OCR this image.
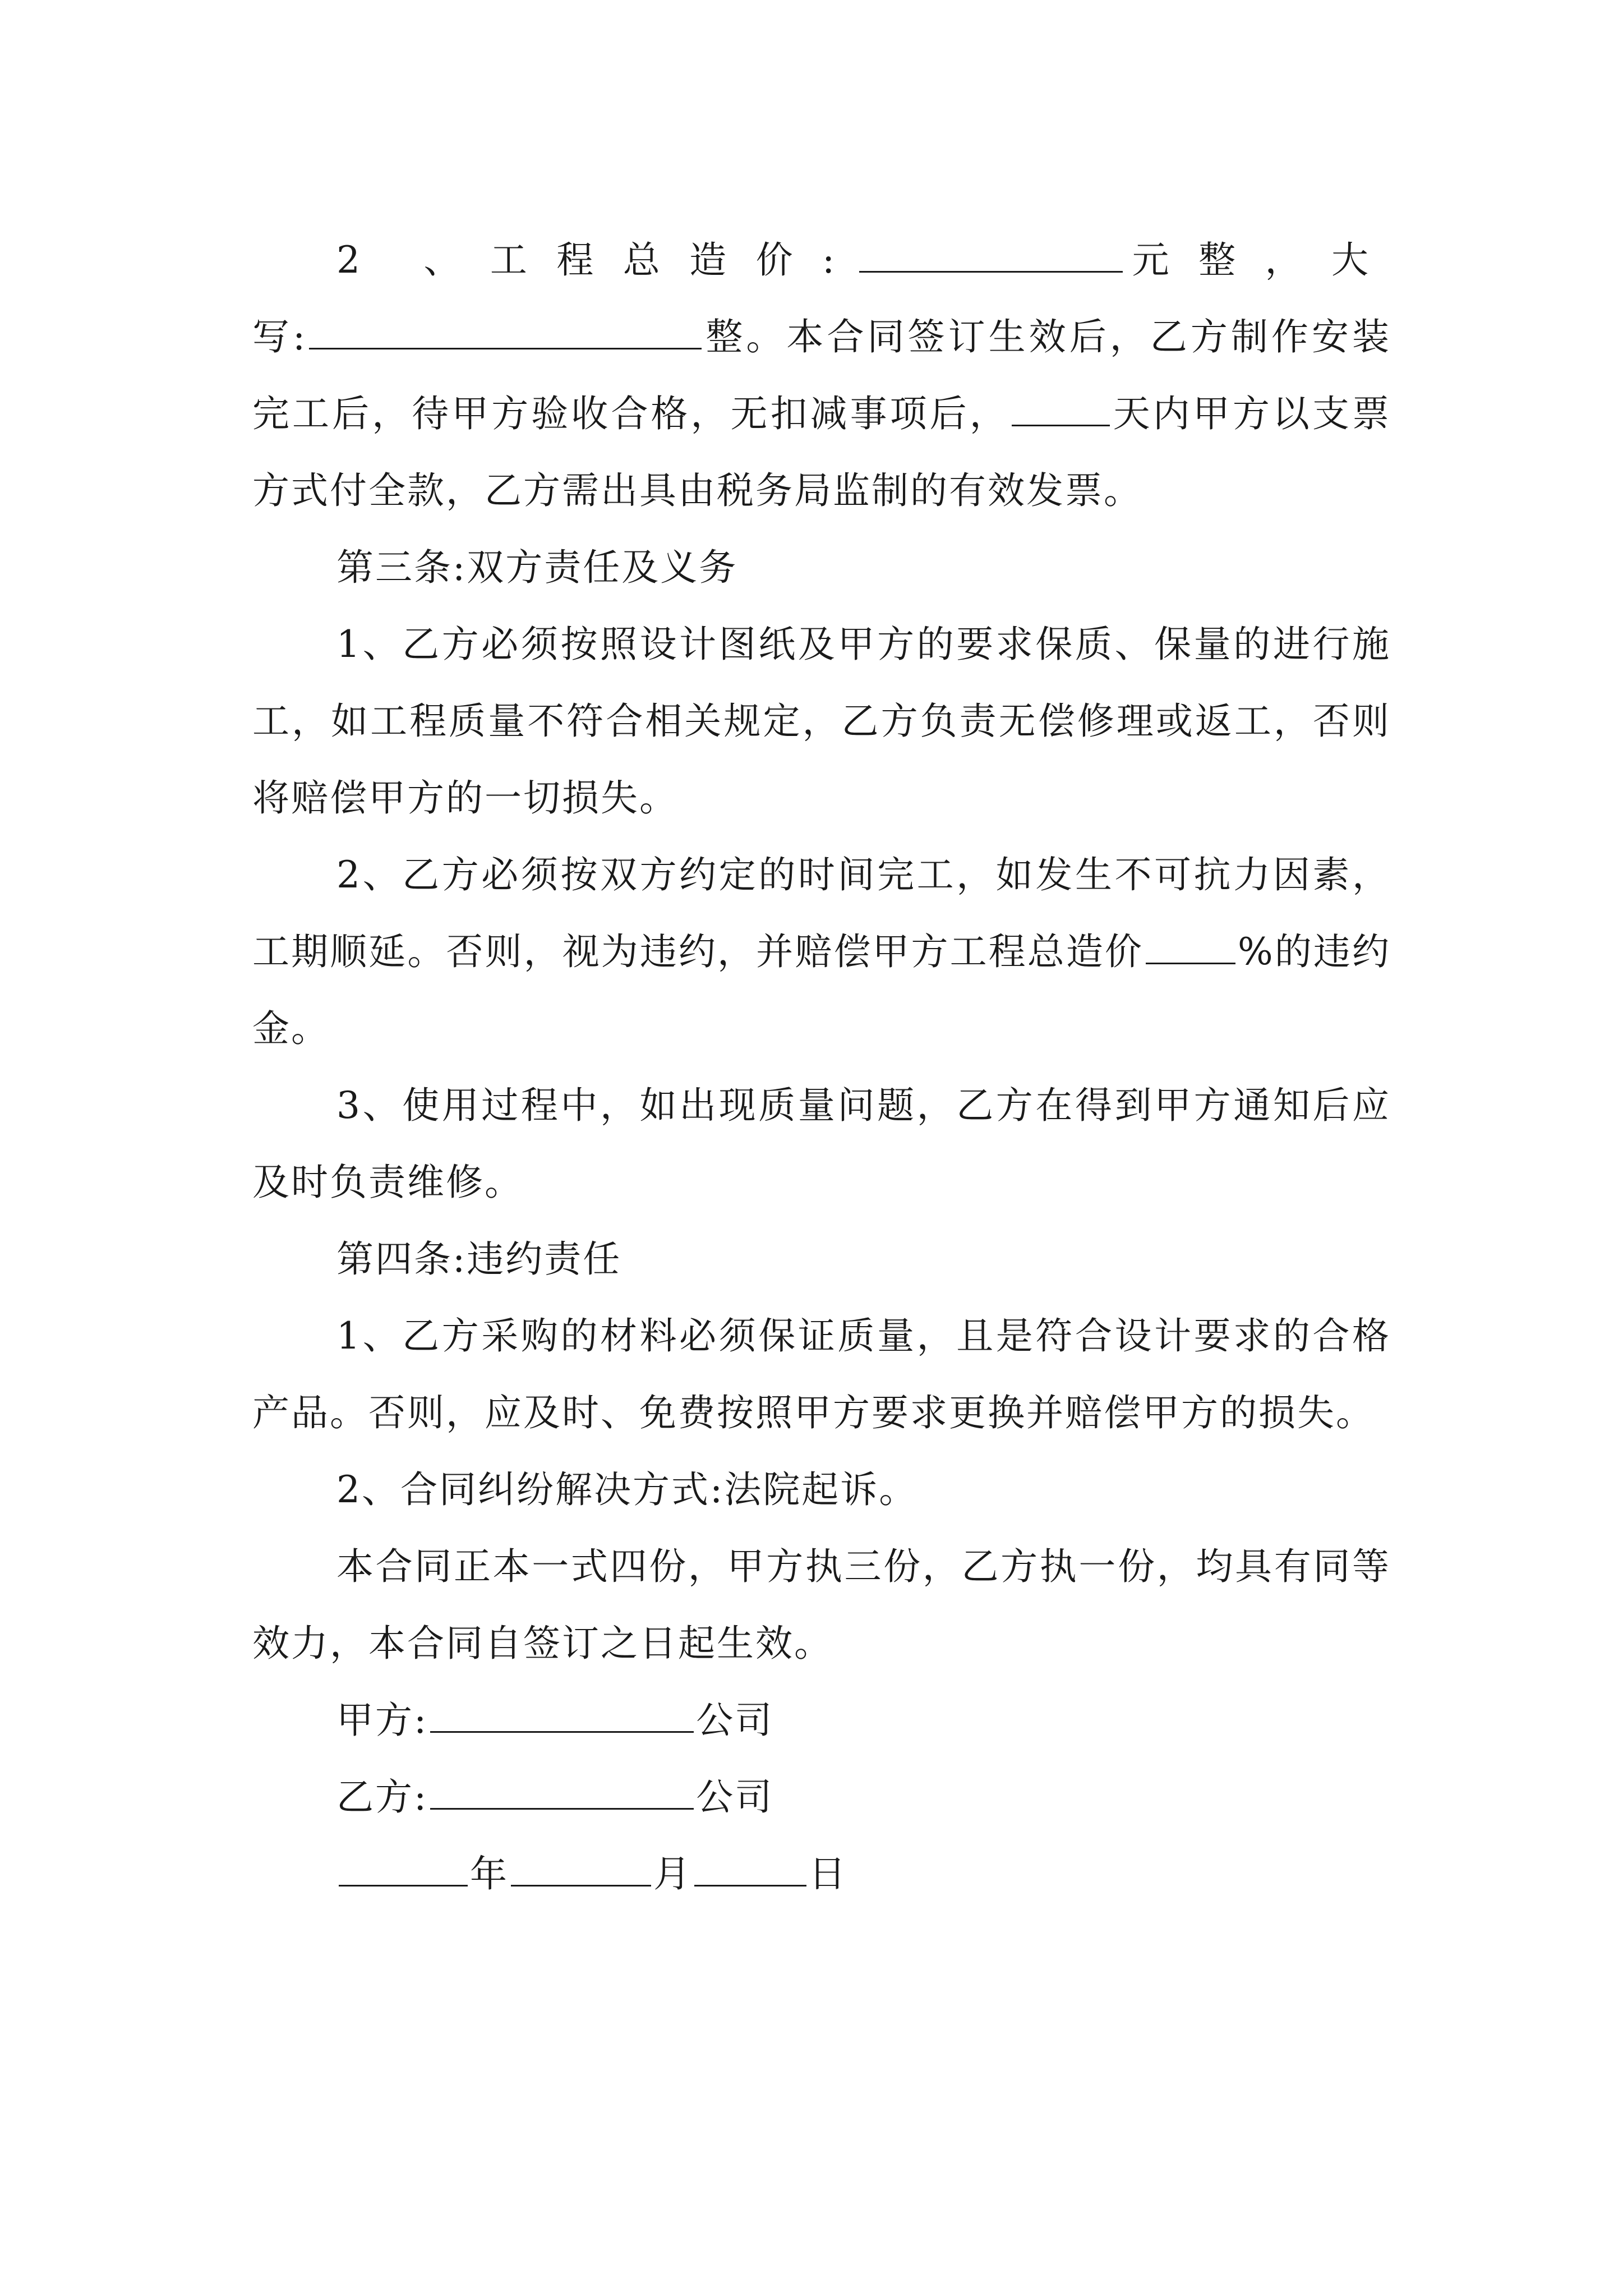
2 、工程总造价:	元整，大

写:	整。本合同签订生效后，乙方制作安装完工后，待甲方验收合格，无扣减事项后，	天内甲方以支票方式付全款，乙方需出具由税务局监制的有效发票。

第三条:双方责任及义务

1、乙方必须按照设计图纸及甲方的要求保质、保量的进行施工，如工程质量不符合相关规定，乙方负责无偿修理或返工，否则将赔偿甲方的一切损失。

2、乙方必须按双方约定的时间完工，如发生不可抗力因素，工期顺延。否则，视为违约，并赔偿甲方工程总造价	%的违约金。

3、使用过程中，如出现质量问题，乙方在得到甲方通知后应及时负责维修。

第四条:违约责任

1、乙方采购的材料必须保证质量，且是符合设计要求的合格产品。否则，应及时、免费按照甲方要求更换并赔偿甲方的损失。

2、合同纠纷解决方式:法院起诉。

本合同正本一式四份，甲方执三份，乙方执一份，均具有同等效力，本合同自签订之日起生效。

甲方:	公司

乙方:	公司

年	月	日
